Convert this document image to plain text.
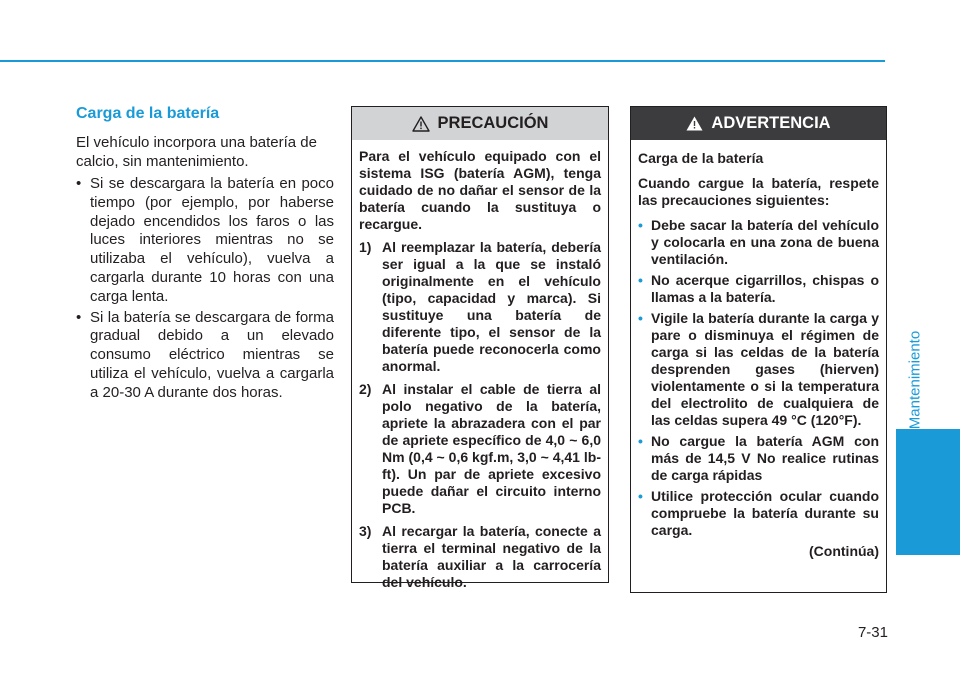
Mantenimiento
Carga de la batería

El vehículo incorpora una batería de calcio, sin mantenimiento.

• Si se descargara la batería en poco tiempo (por ejemplo, por haberse dejado encendidos los faros o las luces interiores mientras no se utilizaba el vehículo), vuelva a cargarla durante 10 horas con una carga lenta.
• Si la batería se descargara de forma gradual debido a un elevado consumo eléctrico mientras se utiliza el vehículo, vuelva a cargarla a 20-30 A durante dos horas.
PRECAUCIÓN

Para el vehículo equipado con el sistema ISG (batería AGM), tenga cuidado de no dañar el sensor de la batería cuando la sustituya o recargue.

1) Al reemplazar la batería, debería ser igual a la que se instaló originalmente en el vehículo (tipo, capacidad y marca). Si sustituye una batería de diferente tipo, el sensor de la batería puede reconocerla como anormal.
2) Al instalar el cable de tierra al polo negativo de la batería, apriete la abrazadera con el par de apriete específico de 4,0 ~ 6,0 Nm (0,4 ~ 0,6 kgf.m, 3,0 ~ 4,41 lb-ft). Un par de apriete excesivo puede dañar el circuito interno PCB.
3) Al recargar la batería, conecte a tierra el terminal negativo de la batería auxiliar a la carrocería del vehículo.
ADVERTENCIA

Carga de la batería

Cuando cargue la batería, respete las precauciones siguientes:

• Debe sacar la batería del vehículo y colocarla en una zona de buena ventilación.
• No acerque cigarrillos, chispas o llamas a la batería.
• Vigile la batería durante la carga y pare o disminuya el régimen de carga si las celdas de la batería desprenden gases (hierven) violentamente o si la temperatura del electrolito de cualquiera de las celdas supera 49 °C (120°F).
• No cargue la batería AGM con más de 14,5 V No realice rutinas de carga rápidas
• Utilice protección ocular cuando compruebe la batería durante su carga.
(Continúa)
7-31
